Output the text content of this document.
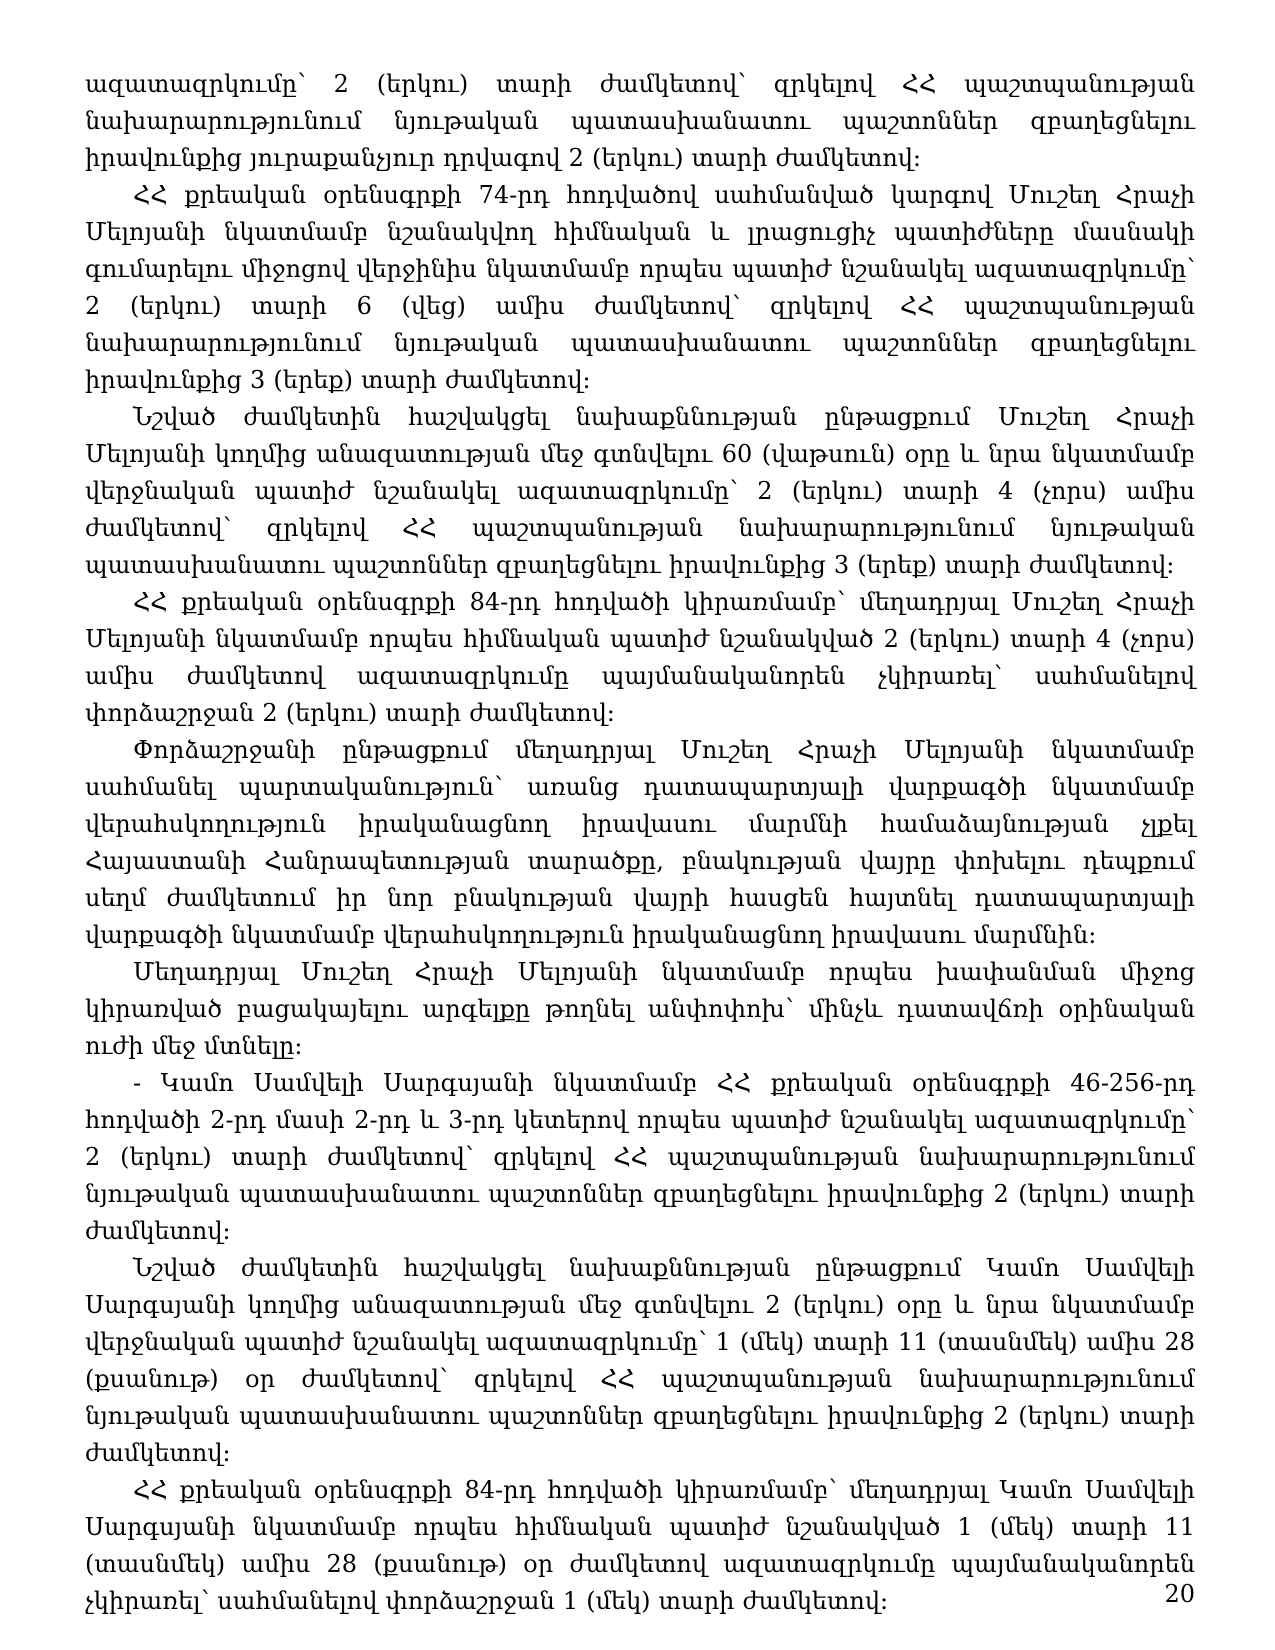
ազատազրկումը՝ 2 (երկու) տարի ժամկետով՝ զրկելով ՀՀ պաշտպանության նախարարությունում նյութական պատասխանատու պաշտոններ զբաղեցնելու իրավունքից յուրաքանչյուր դրվագով 2 (երկու) տարի ժամկետով։

ՀՀ քրեական օրենսգրքի 74-րդ հոդվածով սահմանված կարգով Մուշեղ Հրաչի Մելոյանի նկատմամբ նշանակվող հիմնական և լրացուցիչ պատիժները մասնակի գումարելու միջոցով վերջինիս նկատմամբ որպես պատիժ նշանակել ազատազրկումը՝ 2 (երկու) տարի 6 (վեց) ամիս ժամկետով՝ զրկելով ՀՀ պաշտպանության նախարարությունում նյութական պատասխանատու պաշտոններ զբաղեցնելու իրավունքից 3 (երեք) տարի ժամկետով։

Նշված ժամկետին հաշվակցել նախաքննության ընթացքում Մուշեղ Հրաչի Մելոյանի կողմից անազատության մեջ գտնվելու 60 (վաթսուն) օրը և նրա նկատմամբ վերջնական պատիժ նշանակել ազատազրկումը՝ 2 (երկու) տարի 4 (չորս) ամիս ժամկետով՝ զրկելով ՀՀ պաշտպանության նախարարությունում նյութական պատասխանատու պաշտոններ զբաղեցնելու իրավունքից 3 (երեք) տարի ժամկետով։

ՀՀ քրեական օրենսգրքի 84-րդ հոդվածի կիրառմամբ՝ մեղադրյալ Մուշեղ Հրաչի Մելոյանի նկատմամբ որպես հիմնական պատիժ նշանակված 2 (երկու) տարի 4 (չորս) ամիս ժամկետով ազատազրկումը պայմանականորեն չկիրառել՝ սահմանելով փորձաշրջան 2 (երկու) տարի ժամկետով։

Փորձաշրջանի ընթացքում մեղադրյալ Մուշեղ Հրաչի Մելոյանի նկատմամբ սահմանել պարտականություն՝ առանց դատապարտյալի վարքագծի նկատմամբ վերահսկողություն իրականացնող իրավասու մարմնի համաձայնության չլքել Հայաստանի Հանրապետության տարածքը, բնակության վայրը փոխելու դեպքում սեղմ ժամկետում իր նոր բնակության վայրի հասցեն հայտնել դատապարտյալի վարքագծի նկատմամբ վերահսկողություն իրականացնող իրավասու մարմնին։

Մեղադրյալ Մուշեղ Հրաչի Մելոյանի նկատմամբ որպես խափանման միջոց կիրառված բացակայելու արգելքը թողնել անփոփոխ՝ մինչև դատավճռի օրինական ուժի մեջ մտնելը։

- Կամո Սամվելի Սարգսյանի նկատմամբ ՀՀ քրեական օրենսգրքի 46-256-րդ հոդվածի 2-րդ մասի 2-րդ և 3-րդ կետերով որպես պատիժ նշանակել ազատազրկումը՝ 2 (երկու) տարի ժամկետով՝ զրկելով ՀՀ պաշտպանության նախարարությունում նյութական պատասխանատու պաշտոններ զբաղեցնելու իրավունքից 2 (երկու) տարի ժամկետով։

Նշված ժամկետին հաշվակցել նախաքննության ընթացքում Կամո Սամվելի Սարգսյանի կողմից անազատության մեջ գտնվելու 2 (երկու) օրը և նրա նկատմամբ վերջնական պատիժ նշանակել ազատազրկումը՝ 1 (մեկ) տարի 11 (տասնմեկ) ամիս 28 (քսանութ) օր ժամկետով՝ զրկելով ՀՀ պաշտպանության նախարարությունում նյութական պատասխանատու պաշտոններ զբաղեցնելու իրավունքից 2 (երկու) տարի ժամկետով։

ՀՀ քրեական օրենսգրքի 84-րդ հոդվածի կիրառմամբ՝ մեղադրյալ Կամո Սամվելի Սարգսյանի նկատմամբ որպես հիմնական պատիժ նշանակված 1 (մեկ) տարի 11 (տասնմեկ) ամիս 28 (քսանութ) օր ժամկետով ազատազրկումը պայմանականորեն չկիրառել՝ սահմանելով փորձաշրջան 1 (մեկ) տարի ժամկետով։	20
